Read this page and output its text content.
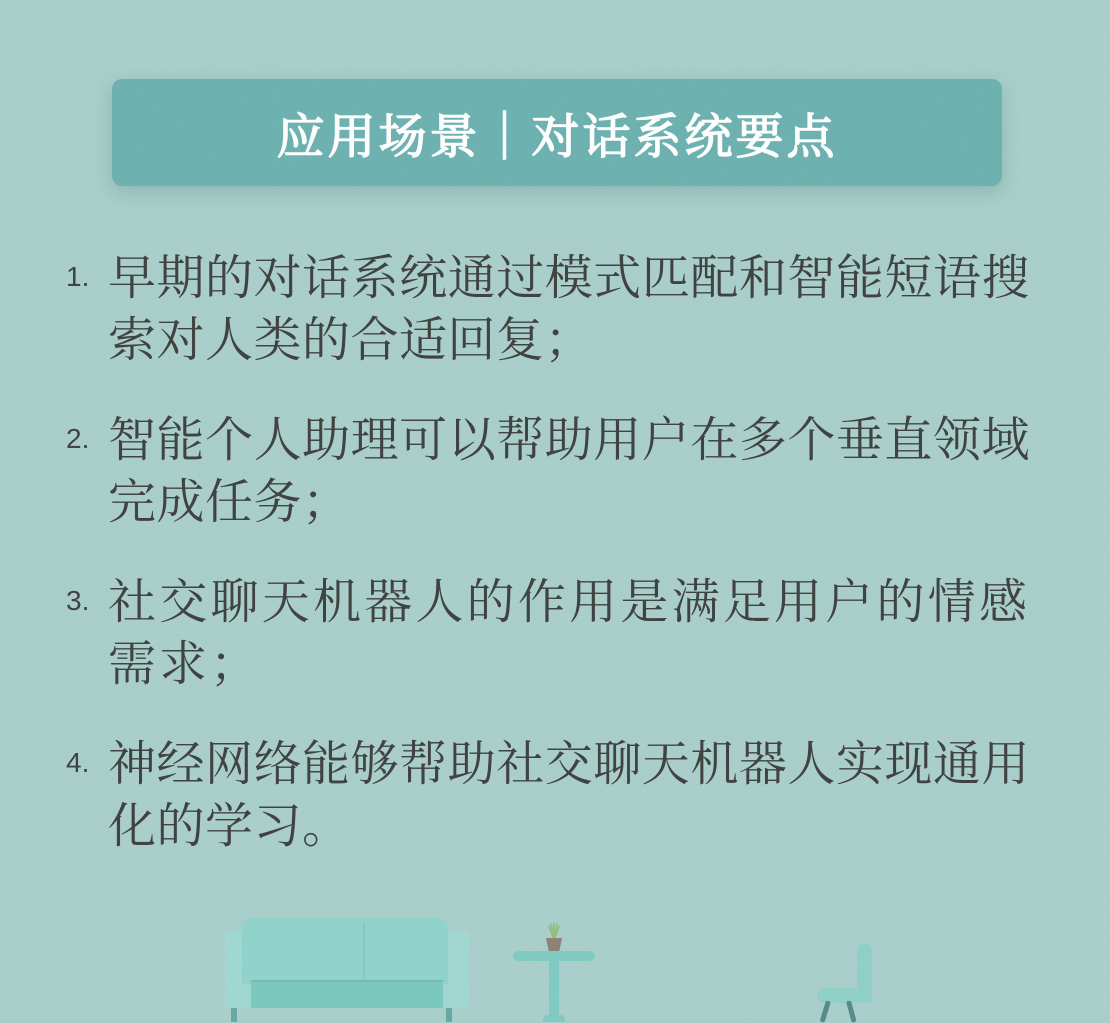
应用场景｜对话系统要点
1. 早期的对话系统通过模式匹配和智能短语搜索对人类的合适回复；
2. 智能个人助理可以帮助用户在多个垂直领域完成任务；
3. 社交聊天机器人的作用是满足用户的情感需求；
4. 神经网络能够帮助社交聊天机器人实现通用化的学习。
